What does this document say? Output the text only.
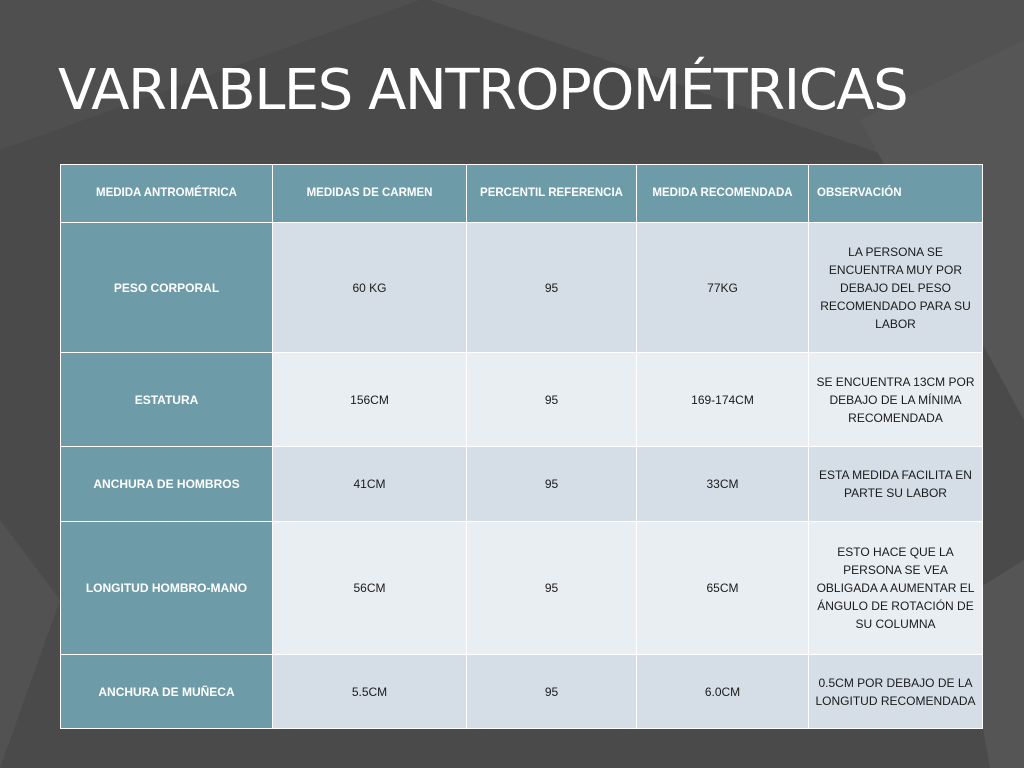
VARIABLES ANTROPOMÉTRICAS
MEDIDA ANTROMÉTRICA	MEDIDAS DE CARMEN	PERCENTIL REFERENCIA	MEDIDA RECOMENDADA	OBSERVACIÓN
PESO CORPORAL	60 KG	95	77KG	LA PERSONA SE ENCUENTRA MUY POR DEBAJO DEL PESO RECOMENDADO PARA SU LABOR
ESTATURA	156CM	95	169-174CM	SE ENCUENTRA 13CM POR DEBAJO DE LA MÍNIMA RECOMENDADA
ANCHURA DE HOMBROS	41CM	95	33CM	ESTA MEDIDA FACILITA EN PARTE SU LABOR
LONGITUD HOMBRO-MANO	56CM	95	65CM	ESTO HACE QUE LA PERSONA SE VEA OBLIGADA A AUMENTAR EL ÁNGULO DE ROTACIÓN DE SU COLUMNA
ANCHURA DE MUÑECA	5.5CM	95	6.0CM	0.5CM POR DEBAJO DE LA LONGITUD RECOMENDADA
